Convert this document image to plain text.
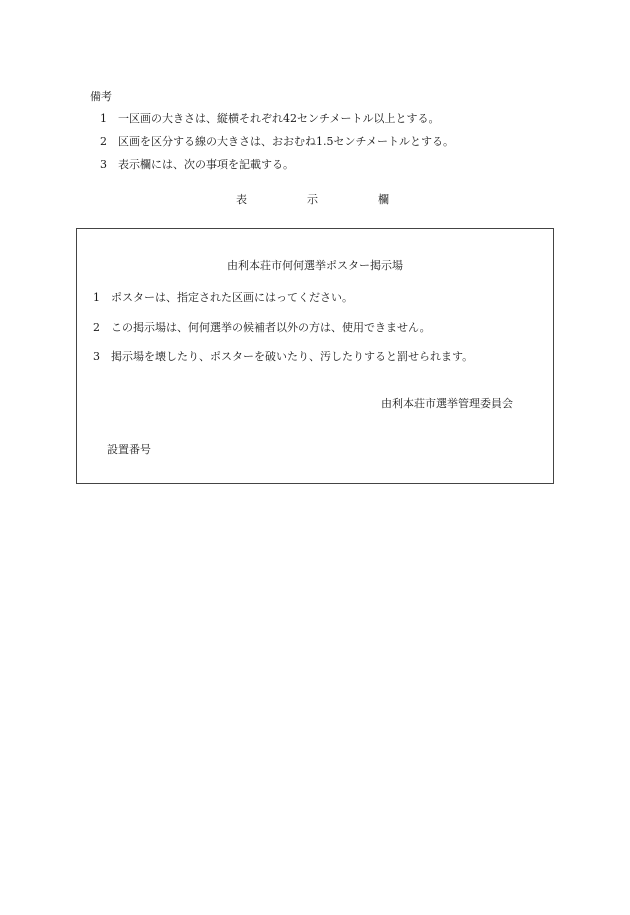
備考
1 一区画の大きさは、縦横それぞれ42センチメートル以上とする。
2 区画を区分する線の大きさは、おおむね1.5センチメートルとする。
3 表示欄には、次の事項を記載する。
表	示	欄
由利本荘市何何選挙ポスター掲示場
1 ポスターは、指定された区画にはってください。
2 この掲示場は、何何選挙の候補者以外の方は、使用できません。
3 掲示場を壊したり、ポスターを破いたり、汚したりすると罰せられます。
由利本荘市選挙管理委員会
設置番号
